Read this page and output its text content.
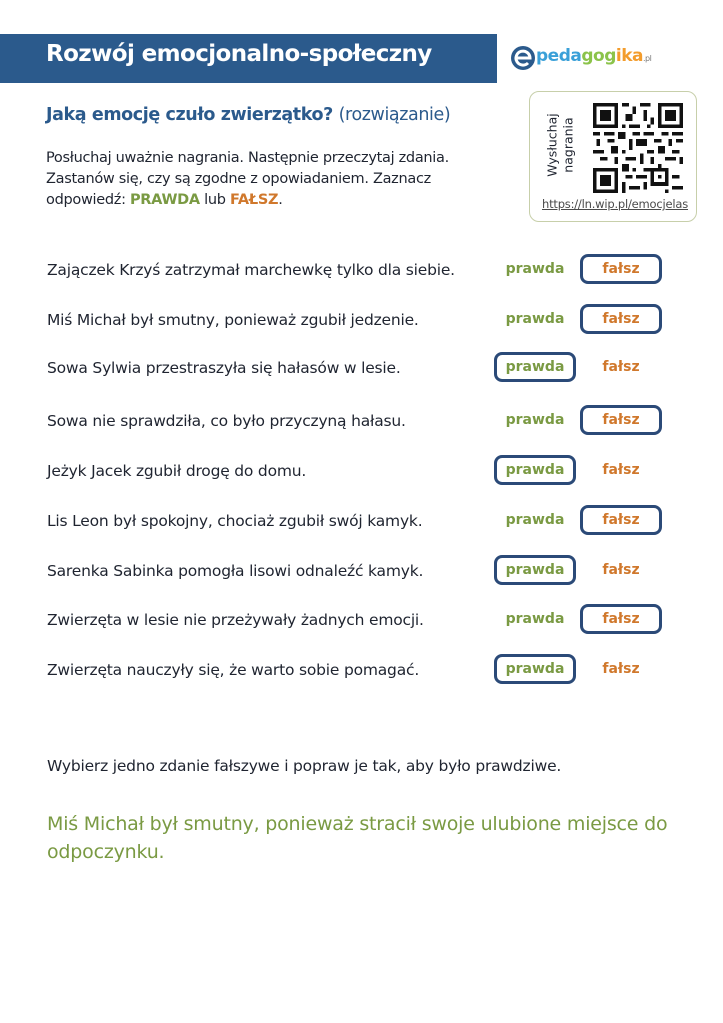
Rozwój emocjonalno-społeczny	pedagogika.pl
Jaką emocję czuło zwierzątko? (rozwiązanie)
Posłuchaj uważnie nagrania. Następnie przeczytaj zdania. Zastanów się, czy są zgodne z opowiadaniem. Zaznacz odpowiedź: PRAWDA lub FAŁSZ.
Wysłuchaj nagrania
https://ln.wip.pl/emocjelas
Zajączek Krzyś zatrzymał marchewkę tylko dla siebie.	prawda	fałsz
Miś Michał był smutny, ponieważ zgubił jedzenie.	prawda	fałsz
Sowa Sylwia przestraszyła się hałasów w lesie.	prawda	fałsz
Sowa nie sprawdziła, co było przyczyną hałasu.	prawda	fałsz
Jeżyk Jacek zgubił drogę do domu.	prawda	fałsz
Lis Leon był spokojny, chociaż zgubił swój kamyk.	prawda	fałsz
Sarenka Sabinka pomogła lisowi odnaleźć kamyk.	prawda	fałsz
Zwierzęta w lesie nie przeżywały żadnych emocji.	prawda	fałsz
Zwierzęta nauczyły się, że warto sobie pomagać.	prawda	fałsz
Wybierz jedno zdanie fałszywe i popraw je tak, aby było prawdziwe.
Miś Michał był smutny, ponieważ stracił swoje ulubione miejsce do odpoczynku.
